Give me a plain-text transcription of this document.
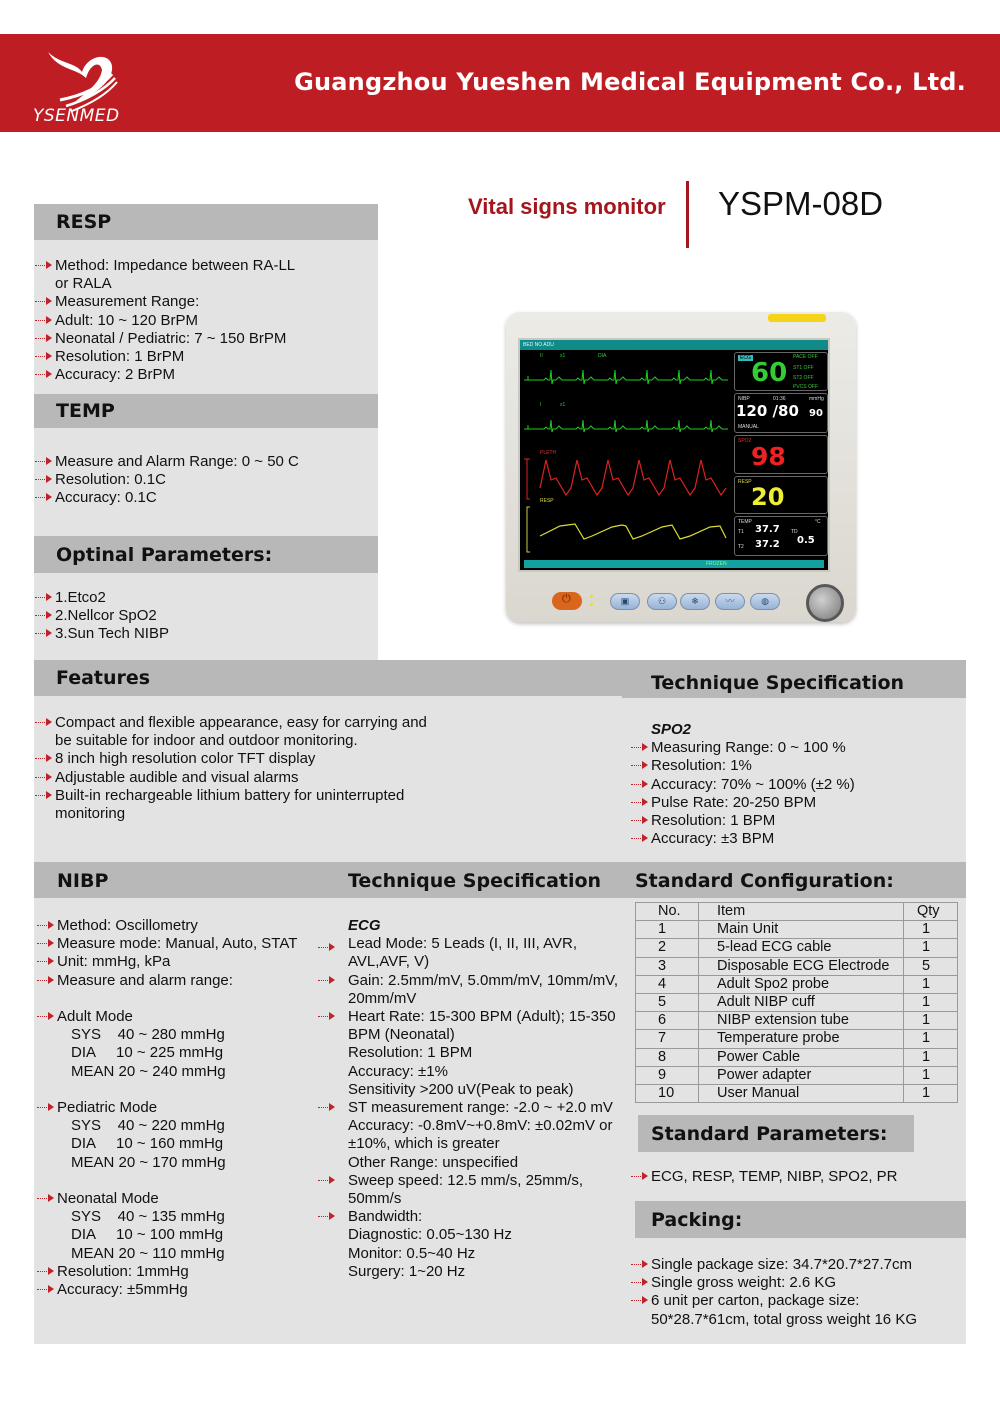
YSENMED
Guangzhou Yueshen Medical Equipment Co., Ltd.
Vital signs monitor YSPM-08D
RESP
Method: Impedance between RA-LL
or RALA
Measurement Range:
Adult: 10 ~ 120 BrPM
Neonatal / Pediatric: 7 ~ 150 BrPM
Resolution: 1 BrPM
Accuracy: 2 BrPM
TEMP
Measure and Alarm Range: 0 ~ 50 C
Resolution: 0.1C
Accuracy: 0.1C
Optinal Parameters:
1.Etco2
2.Nellcor SpO2
3.Sun Tech NIBP
BED NO ADU
II	x1	DIA
I	x1
PLETH
RESP
ECG 60
PACE OFF
ST1 OFF
ST2 OFF
PVCS OFF
NIBP	01:36	mmHg
120 /80 90
MANUAL
SPO2
98
RESP
20
TEMP	°C
T1 37.7
T2 37.2
TD
0.5
FROZEN
⏻
▣	⚇	❄	〰	◍
Features	Technique Specification
Compact and flexible appearance, easy for carrying and
be suitable for indoor and outdoor monitoring.
8 inch high resolution color TFT display
Adjustable audible and visual alarms
Built-in rechargeable lithium battery for uninterrupted
monitoring
SPO2
Measuring Range: 0 ~ 100 %
Resolution: 1%
Accuracy: 70% ~ 100% (±2 %)
Pulse Rate: 20-250 BPM
Resolution: 1 BPM
Accuracy: ±3 BPM
NIBP	Technique Specification Standard Configuration:
Method: Oscillometry
Measure mode: Manual, Auto, STAT
Unit: mmHg, kPa
Measure and alarm range:
Adult Mode
SYS    40 ~ 280 mmHg
DIA     10 ~ 225 mmHg
MEAN 20 ~ 240 mmHg
Pediatric Mode
SYS    40 ~ 220 mmHg
DIA     10 ~ 160 mmHg
MEAN 20 ~ 170 mmHg
Neonatal Mode
SYS    40 ~ 135 mmHg
DIA     10 ~ 100 mmHg
MEAN 20 ~ 110 mmHg
Resolution: 1mmHg
Accuracy: ±5mmHg
ECG
Lead Mode: 5 Leads (I, II, III, AVR,
AVL,AVF, V)
Gain: 2.5mm/mV, 5.0mm/mV, 10mm/mV,
20mm/mV
Heart Rate: 15-300 BPM (Adult); 15-350
BPM (Neonatal)
Resolution: 1 BPM
Accuracy: ±1%
Sensitivity >200 uV(Peak to peak)
ST measurement range: -2.0 ~ +2.0 mV
Accuracy: -0.8mV~+0.8mV: ±0.02mV or
±10%, which is greater
Other Range: unspecified
Sweep speed: 12.5 mm/s, 25mm/s,
50mm/s
Bandwidth:
Diagnostic: 0.05~130 Hz
Monitor: 0.5~40 Hz
Surgery: 1~20 Hz
No.	Item	Qty
1	Main Unit	1
2	5-lead ECG cable	1
3	Disposable ECG Electrode	5
4	Adult Spo2 probe	1
5	Adult NIBP cuff	1
6	NIBP extension tube	1
7	Temperature probe	1
8	Power Cable	1
9	Power adapter	1
10	User Manual	1
Standard Parameters:
ECG, RESP, TEMP, NIBP, SPO2, PR
Packing:
Single package size: 34.7*20.7*27.7cm
Single gross weight: 2.6 KG
6 unit per carton, package size:
50*28.7*61cm, total gross weight 16 KG
